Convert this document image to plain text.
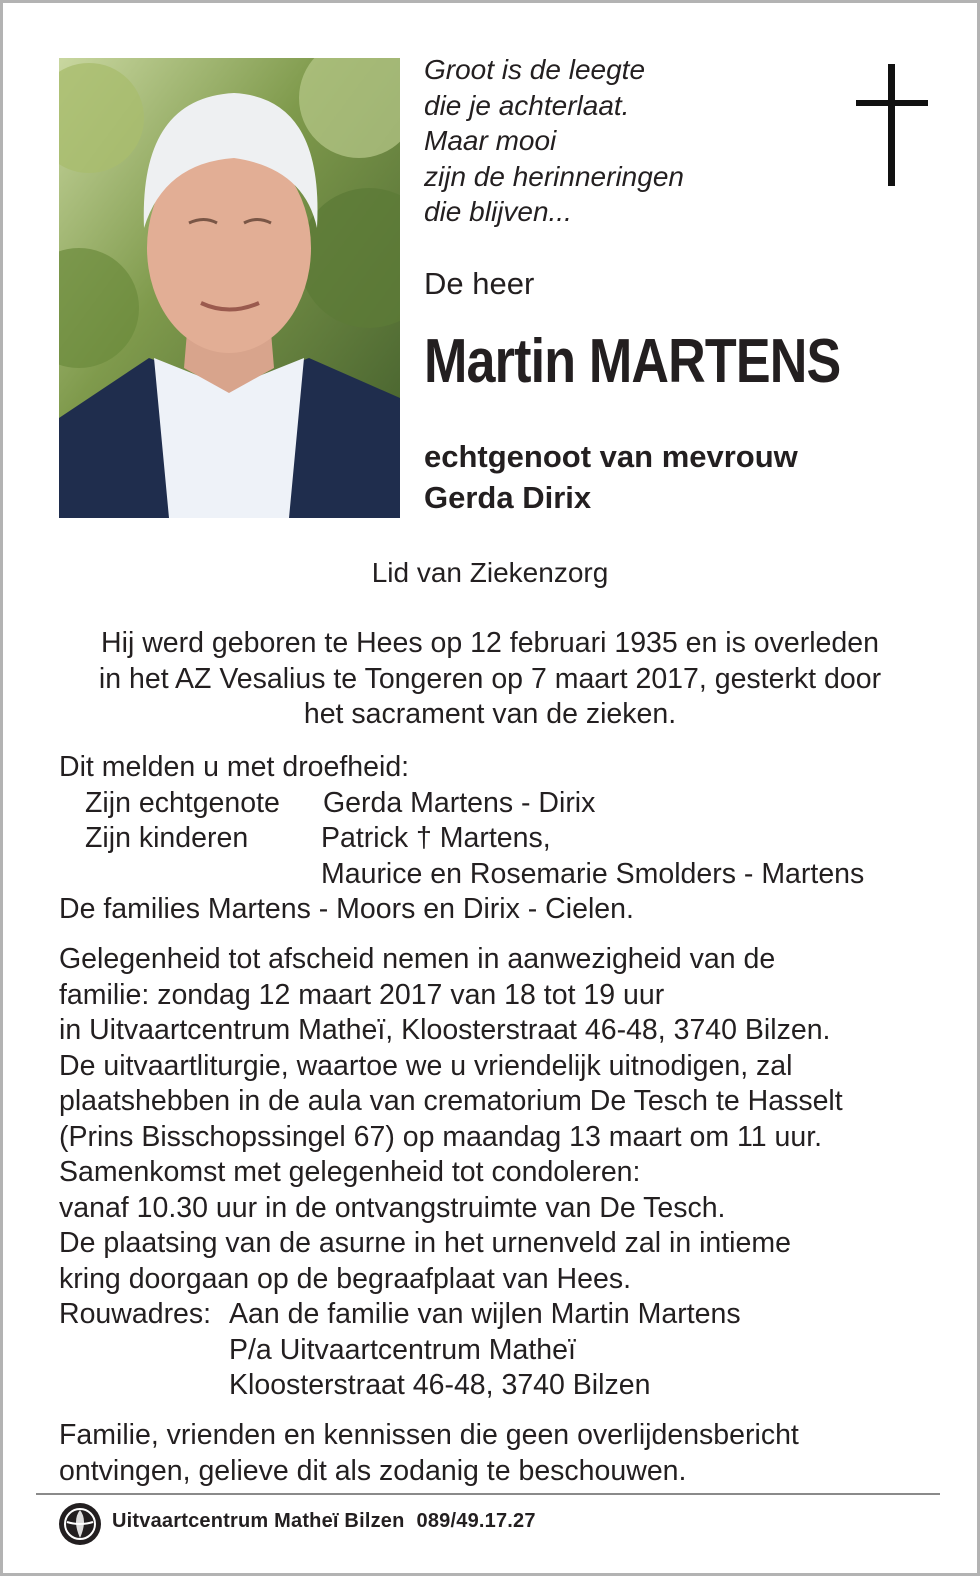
Groot is de leegte
die je achterlaat.
Maar mooi
zijn de herinneringen
die blijven...
De heer
Martin MARTENS
echtgenoot van mevrouw
Gerda Dirix
Lid van Ziekenzorg
Hij werd geboren te Hees op 12 februari 1935 en is overleden
in het AZ Vesalius te Tongeren op 7 maart 2017, gesterkt door
het sacrament van de zieken.
Dit melden u met droefheid:
Zijn echtgenote Gerda Martens - Dirix
Zijn kinderen	Patrick † Martens,
Maurice en Rosemarie Smolders - Martens
De families Martens - Moors en Dirix - Cielen.
Gelegenheid tot afscheid nemen in aanwezigheid van de
familie: zondag 12 maart 2017 van 18 tot 19 uur
in Uitvaartcentrum Matheï, Kloosterstraat 46-48, 3740 Bilzen.
De uitvaartliturgie, waartoe we u vriendelijk uitnodigen, zal
plaatshebben in de aula van crematorium De Tesch te Hasselt
(Prins Bisschopssingel 67) op maandag 13 maart om 11 uur.
Samenkomst met gelegenheid tot condoleren:
vanaf 10.30 uur in de ontvangstruimte van De Tesch.
De plaatsing van de asurne in het urnenveld zal in intieme
kring doorgaan op de begraafplaat van Hees.
Rouwadres: Aan de familie van wijlen Martin Martens
P/a Uitvaartcentrum Matheï
Kloosterstraat 46-48, 3740 Bilzen
Familie, vrienden en kennissen die geen overlijdensbericht
ontvingen, gelieve dit als zodanig te beschouwen.
Uitvaartcentrum Matheï Bilzen 089/49.17.27
